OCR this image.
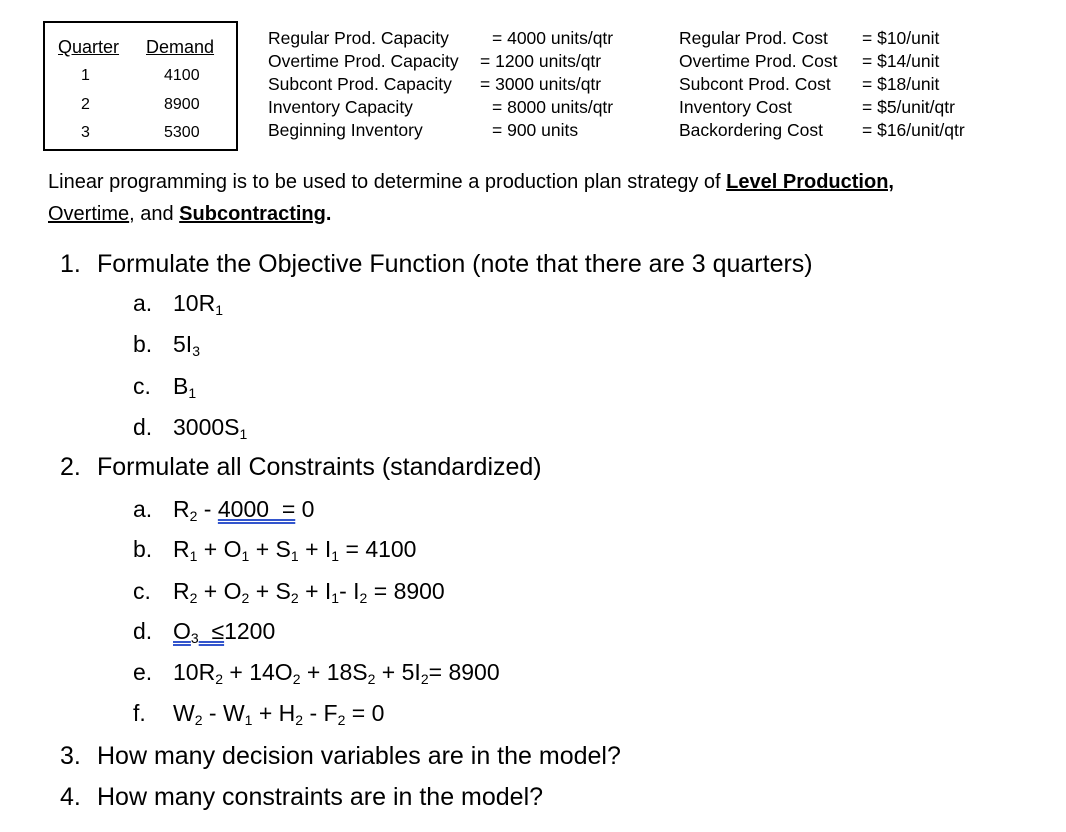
Quarter Demand
1	4100
2	8900
3	5300
Regular Prod. Capacity = 4000 units/qtr
Overtime Prod. Capacity = 1200 units/qtr
Subcont Prod. Capacity = 3000 units/qtr
Inventory Capacity	= 8000 units/qtr
Beginning Inventory	= 900 units
Regular Prod. Cost = $10/unit
Overtime Prod. Cost = $14/unit
Subcont Prod. Cost = $18/unit
Inventory Cost	= $5/unit/qtr
Backordering Cost = $16/unit/qtr
Linear programming is to be used to determine a production plan strategy of Level Production,
Overtime, and Subcontracting.
1. Formulate the Objective Function (note that there are 3 quarters)
a. $10R_1$
b. $5I_3$
c. $B_1$
d. $3000S_1$
2. Formulate all Constraints (standardized)
a. $R_2 - 4000 = 0$
b. $R_1 + O_1 + S_1 + I_1 = 4100$
c. $R_2 + O_2 + S_2 + I_1-$ $I_2 = 8900$
d. $O_3 \le 1200$
e. $10R_2 + 14O_2 + 18S_2 + 5I_2= 8900$
f. $W_2 - W_1 + H_2 - F_2 = 0$
3. How many decision variables are in the model?
4. How many constraints are in the model?
